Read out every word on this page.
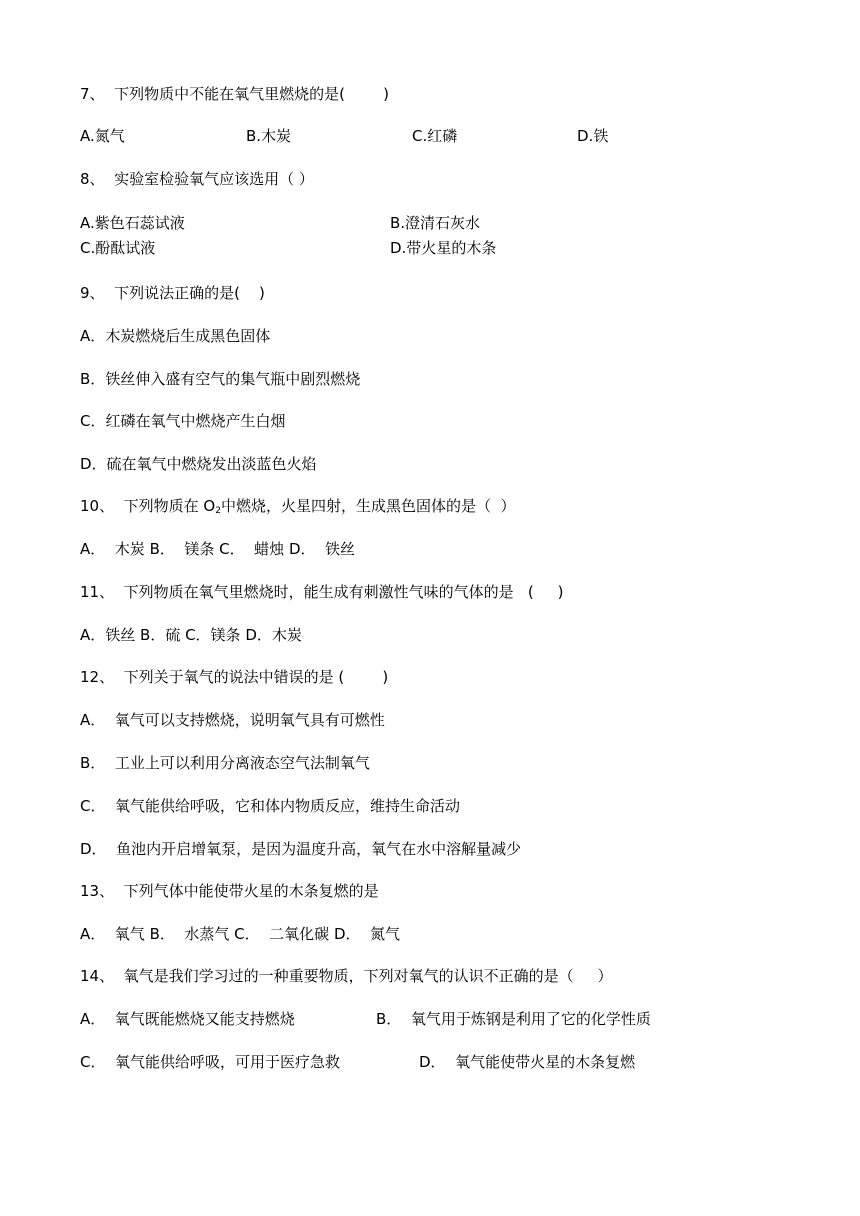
7、  下列物质中不能在氧气里燃烧的是(        )

A.氮气

	B.木炭

	C.红磷

	D.铁

8、  实验室检验氧气应该选用（ ）

A.紫色石蕊试液

	B.澄清石灰水

C.酚酞试液

	D.带火星的木条

9、  下列说法正确的是(    )
A．木炭燃烧后生成黑色固体
B．铁丝伸入盛有空气的集气瓶中剧烈燃烧
C．红磷在氧气中燃烧产生白烟
D．硫在氧气中燃烧发出淡蓝色火焰
10、  下列物质在 $O_2$中燃烧，火星四射，生成黑色固体的是（  ）
A．  木炭 B．  镁条 C．  蜡烛 D．  铁丝
11、  下列物质在氧气里燃烧时，能生成有刺激性气味的气体的是   (     )
A．铁丝 B．硫 C．镁条 D．木炭
12、  下列关于氧气的说法中错误的是 (        )
A．  氧气可以支持燃烧，说明氧气具有可燃性
B．  工业上可以利用分离液态空气法制氧气
C．  氧气能供给呼吸，它和体内物质反应，维持生命活动
D．  鱼池内开启增氧泵，是因为温度升高，氧气在水中溶解量减少
13、  下列气体中能使带火星的木条复燃的是
A．  氧气 B．  水蒸气 C．  二氧化碳 D．  氮气
14、  氧气是我们学习过的一种重要物质，下列对氧气的认识不正确的是（     ）

A．  氧气既能燃烧又能支持燃烧

	B．  氧气用于炼钢是利用了它的化学性质

C．  氧气能供给呼吸，可用于医疗急救

	D．  氧气能使带火星的木条复燃
